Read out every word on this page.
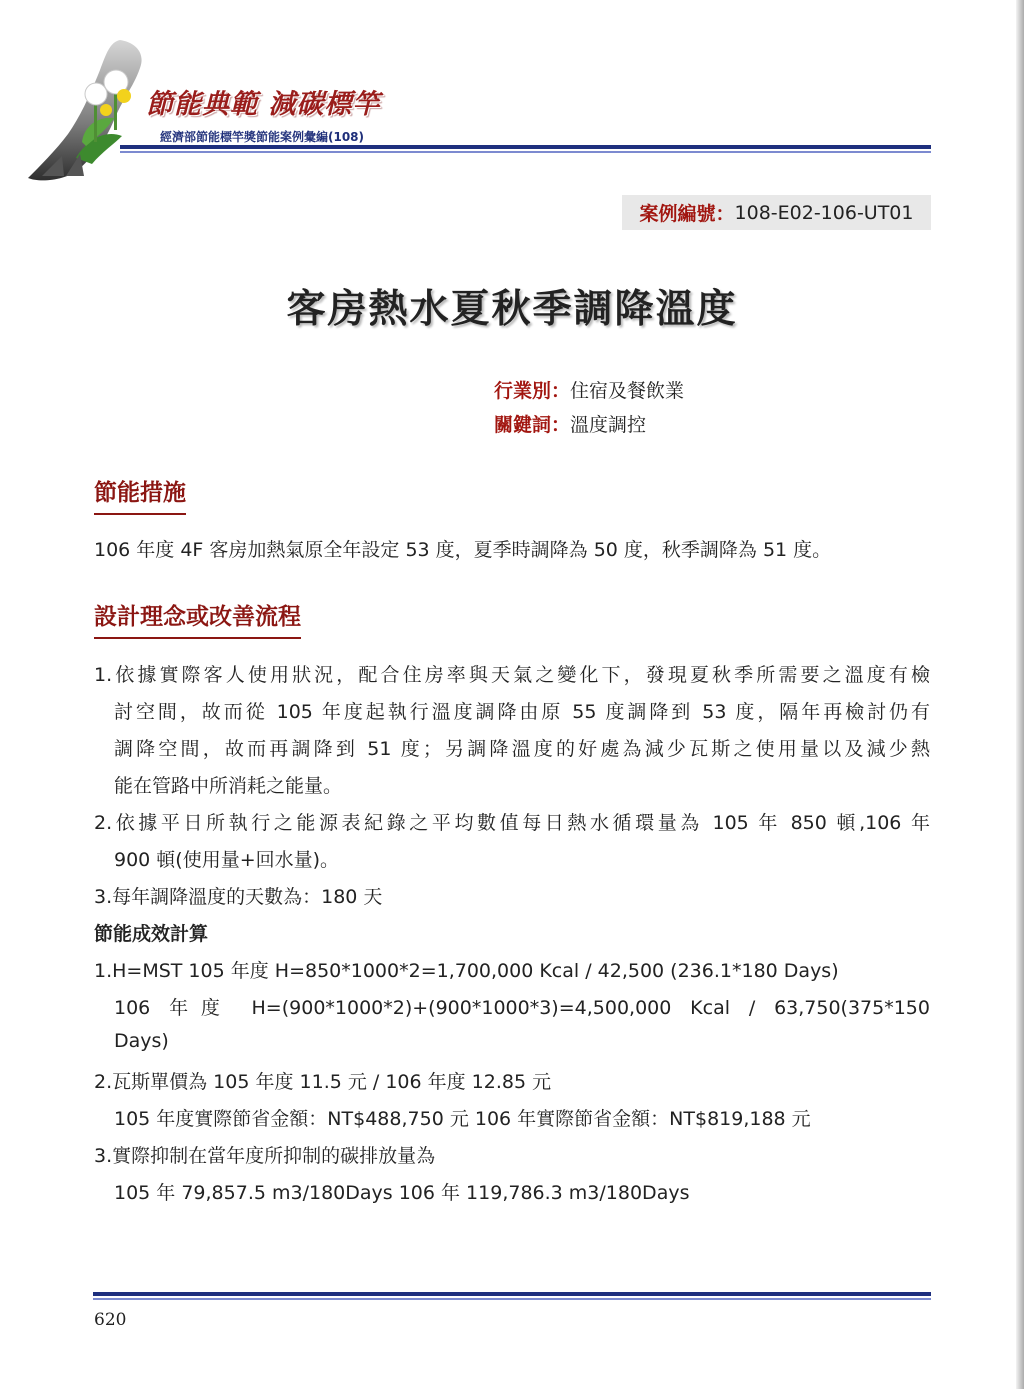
節能典範 減碳標竿
經濟部節能標竿獎節能案例彙編(108)
案例編號： 108-E02-106-UT01
客房熱水夏秋季調降溫度
行業別：住宿及餐飲業
關鍵詞：溫度調控
節能措施
106 年度 4F 客房加熱氣原全年設定 53 度，夏季時調降為 50 度，秋季調降為 51 度。
設計理念或改善流程
1.依據實際客人使用狀況，配合住房率與天氣之變化下，發現夏秋季所需要之溫度有檢
討空間，故而從 105 年度起執行溫度調降由原 55 度調降到 53 度，隔年再檢討仍有
調降空間，故而再調降到 51 度；另調降溫度的好處為減少瓦斯之使用量以及減少熱
能在管路中所消耗之能量。
2.依據平日所執行之能源表紀錄之平均數值每日熱水循環量為 105 年 850 頓,106 年
900 頓(使用量+回水量)。
3.每年調降溫度的天數為：180 天
節能成效計算
1.H=MST 105 年度 H=850*1000*2=1,700,000 Kcal / 42,500 (236.1*180 Days)
106 年度 H=(900*1000*2)+(900*1000*3)=4,500,000 Kcal / 63,750(375*150
Days)
2.瓦斯單價為 105 年度 11.5 元 / 106 年度 12.85 元
105 年度實際節省金額：NT$488,750 元 106 年實際節省金額：NT$819,188 元
3.實際抑制在當年度所抑制的碳排放量為
105 年 79,857.5 m3/180Days 106 年 119,786.3 m3/180Days
620
